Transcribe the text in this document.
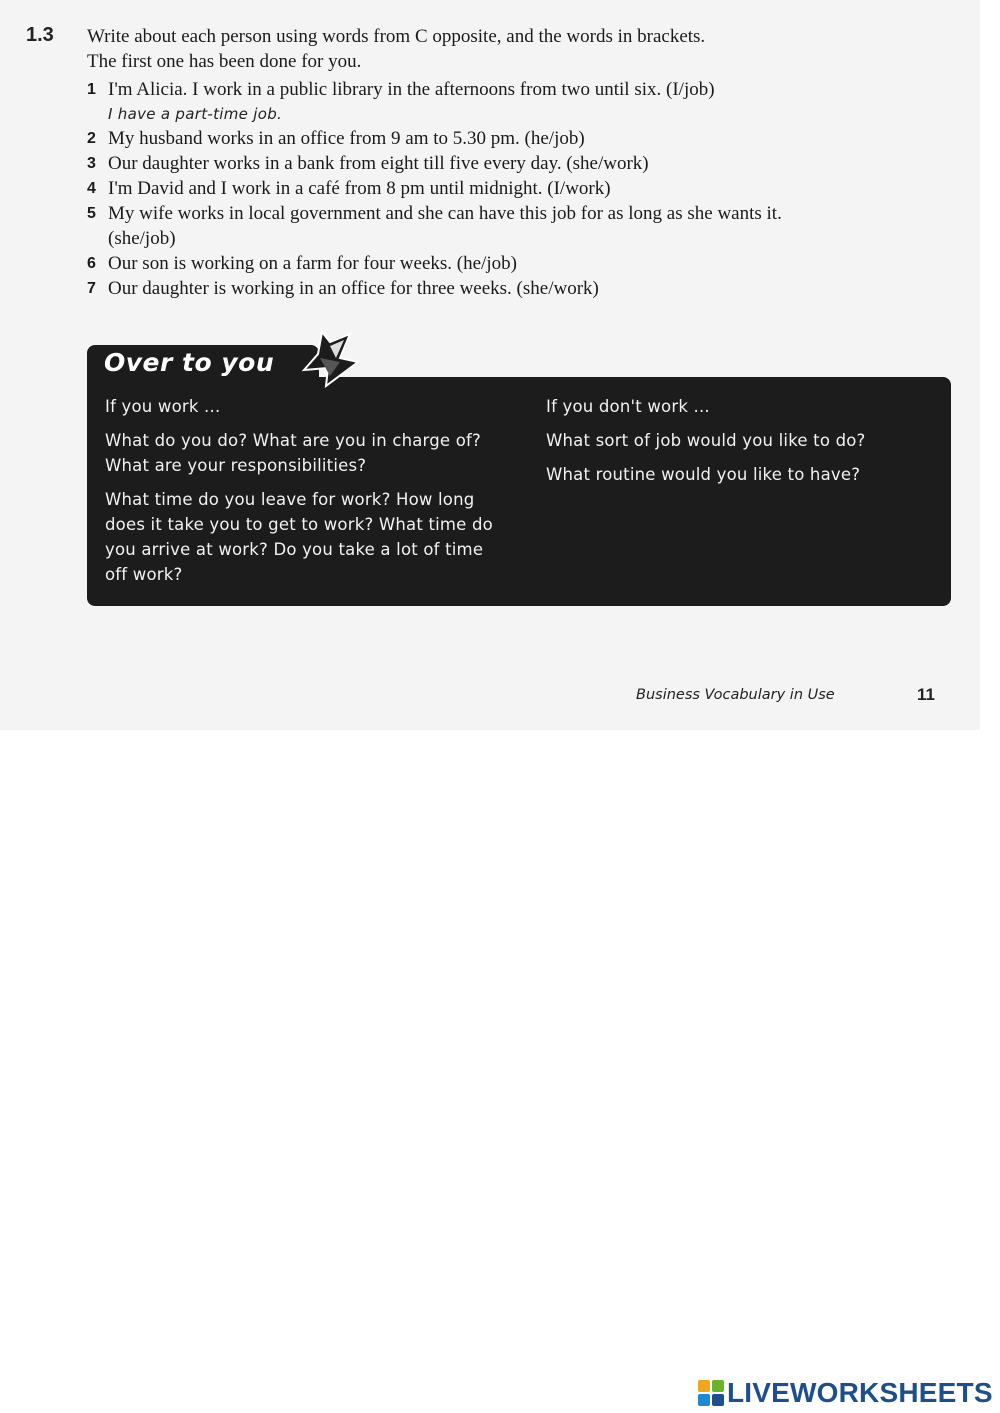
1.3 Write about each person using words from C opposite, and the words in brackets.
The first one has been done for you.
1 I'm Alicia. I work in a public library in the afternoons from two until six. (I/job)
I have a part-time job.
2 My husband works in an office from 9 am to 5.30 pm. (he/job)
3 Our daughter works in a bank from eight till five every day. (she/work)
4 I'm David and I work in a café from 8 pm until midnight. (I/work)
5 My wife works in local government and she can have this job for as long as she wants it. (she/job)
6 Our son is working on a farm for four weeks. (he/job)
7 Our daughter is working in an office for three weeks. (she/work)
Over to you

If you work ...

What do you do? What are you in charge of? What are your responsibilities?

What time do you leave for work? How long does it take you to get to work? What time do you arrive at work? Do you take a lot of time off work?

If you don't work ...

What sort of job would you like to do?

What routine would you like to have?

Business Vocabulary in Use	11
LIVEWORKSHEETS
